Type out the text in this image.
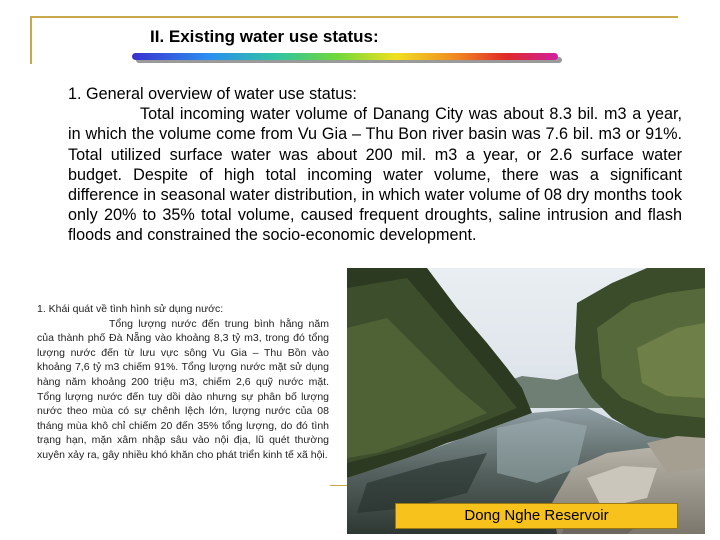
II. Existing water use status:

1. General overview of water use status:

Total incoming water volume of Danang City was about 8.3 bil. m3 a year, in which the volume come from Vu Gia – Thu Bon river basin was 7.6 bil. m3 or 91%. Total utilized surface water was about 200 mil. m3 a year, or 2.6 surface water budget. Despite of high total incoming water volume, there was a significant difference in seasonal water distribution, in which water volume of 08 dry months took only 20% to 35% total volume, caused frequent droughts, saline intrusion and flash floods and constrained the socio-economic development.

1. Khái quát về tình hình sử dụng nước:

Tổng lượng nước đến trung bình hằng năm của thành phố Đà Nẵng vào khoảng 8,3 tỷ m3, trong đó tổng lượng nước đến từ lưu vực sông Vu Gia – Thu Bồn vào khoảng 7,6 tỷ m3 chiếm 91%. Tổng lượng nước mặt sử dụng hàng năm khoảng 200 triệu m3, chiếm 2,6 quỹ nước mặt. Tổng lượng nước đến tuy dồi dào nhưng sự phân bố lượng nước theo mùa có sự chênh lệch lớn, lượng nước của 08 tháng mùa khô chỉ chiếm 20 đến 35% tổng lượng, do đó tình trạng hạn, mặn xâm nhập sâu vào nội địa, lũ quét thường xuyên xảy ra, gây nhiều khó khăn cho phát triển kinh tế xã hội.

Dong Nghe Reservoir
